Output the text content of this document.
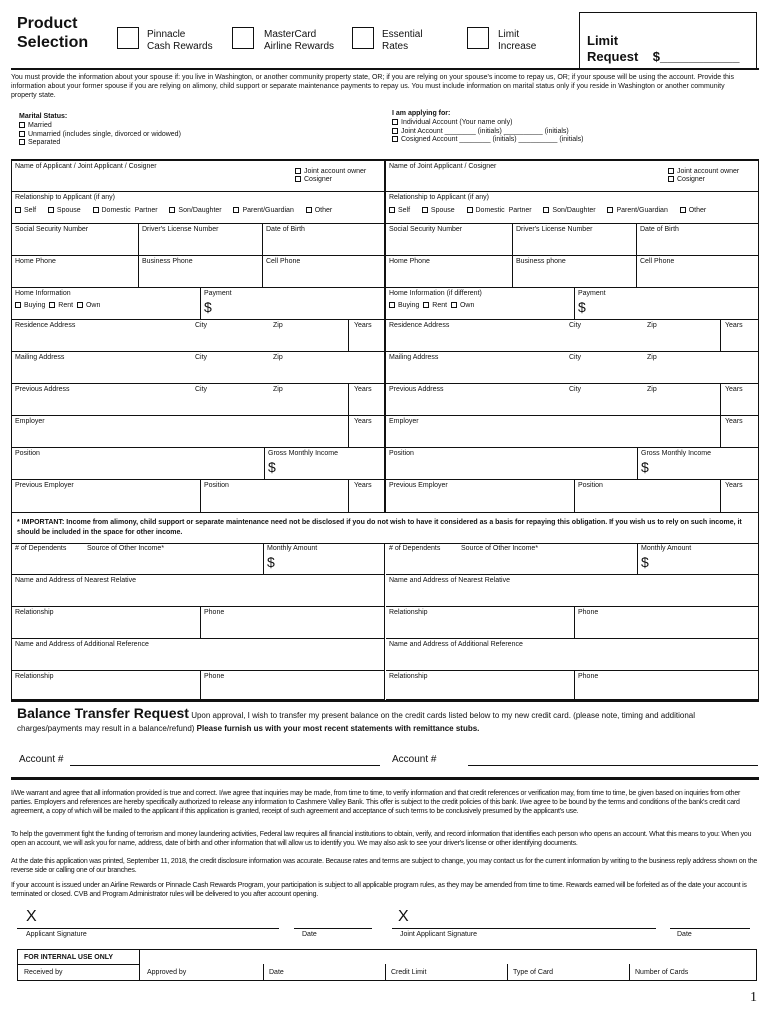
Product
Selection	Pinnacle
Cash Rewards
MasterCard
Airline Rewards
Essential
Rates
Limit
Increase	Limit
Request $___________
You must provide the information about your spouse if: you live in Washington, or another community property state, OR; if you are relying on your spouse's income to repay us, OR; if your spouse will be using the account. Provide this information about your former spouse if you are relying on alimony, child support or separate maintenance payments to repay us. You must include information on marital status only if you reside in Washington or another community property state.
Marital Status:
Married
Unmarried (includes single, divorced or widowed)
Separated
I am applying for:
Individual Account (Your name only)
Joint Account ________ (initials) __________ (initials)
Cosigned Account ________ (initials) __________ (initials)
Name of Applicant / Joint Applicant / Cosigner
Joint account owner
Cosigner
Relationship to Applicant (if any)
Self	Spouse	Domestic Partner	Son/Daughter	Parent/Guardian	Other
Social Security Number	Driver's License Number	Date of Birth
Home Phone	Business Phone	Cell Phone
Home Information
Buying Rent Own
Payment
$
Residence Address	City	Zip	Years
Mailing Address	City	Zip
Previous Address	City	Zip	Years
Employer	Years
Position	Gross Monthly Income
$
Previous Employer	Position	Years
Name of Joint Applicant / Cosigner
Joint account owner
Cosigner
Relationship to Applicant (if any)
Self	Spouse	Domestic Partner	Son/Daughter	Parent/Guardian	Other
Social Security Number	Driver's License Number	Date of Birth
Home Phone	Business phone	Cell Phone
Home Information (if different)
Buying Rent Own
Payment
$
Residence Address	City	Zip	Years
Mailing Address	City	Zip
Previous Address	City	Zip	Years
Employer	Years
Position	Gross Monthly Income
$
Previous Employer	Position	Years
* IMPORTANT: Income from alimony, child support or separate maintenance need not be disclosed if you do not wish to have it considered as a basis for repaying this obligation. If you wish us to rely on such income, it should be included in the space for other income.
# of Dependents	Source of Other Income*	Monthly Amount
$
Name and Address of Nearest Relative
Relationship	Phone
Name and Address of Additional Reference
Relationship	Phone
# of Dependents	Source of Other Income*	Monthly Amount
$
Name and Address of Nearest Relative
Relationship	Phone
Name and Address of Additional Reference
Relationship	Phone
Balance Transfer Request Upon approval, I wish to transfer my present balance on the credit cards listed below to my new credit card. (please note, timing and additional charges/payments may result in a balance/refund) Please furnish us with your most recent statements with remittance stubs.
Account #	Account #
I/We warrant and agree that all information provided is true and correct. I/we agree that inquiries may be made, from time to time, to verify information and that credit references or verification may, from time to time, be given based on inquiries from other parties. Employers and references are hereby specifically authorized to release any information to Cashmere Valley Bank. This offer is subject to the credit policies of this bank. I/we agree to be bound by the terms and conditions of the bank's credit card agreement, a copy of which will be mailed to the applicant if this application is granted, receipt of such agreement and acceptance of such terms to be conclusively presumed by the applicant's use.
To help the government fight the funding of terrorism and money laundering activities, Federal law requires all financial institutions to obtain, verify, and record information that identifies each person who opens an account. What this means to you: When you open an account, we will ask you for name, address, date of birth and other information that will allow us to identify you. We may also ask to see your driver's license or other identifying documents.
At the date this application was printed, September 11, 2018, the credit disclosure information was accurate. Because rates and terms are subject to change, you may contact us for the current information by writing to the business reply address shown on the reverse side or calling one of our branches.
If your account is issued under an Airline Rewards or Pinnacle Cash Rewards Program, your participation is subject to all applicable program rules, as they may be amended from time to time. Rewards earned will be forfeited as of the date your account is terminated or closed. CVB and Program Administrator rules will be delivered to you after account opening.
X
Applicant Signature	Date
X
Joint Applicant Signature	Date
FOR INTERNAL USE ONLY
Received by	Approved by	Date	Credit Limit	Type of Card	Number of Cards
1
